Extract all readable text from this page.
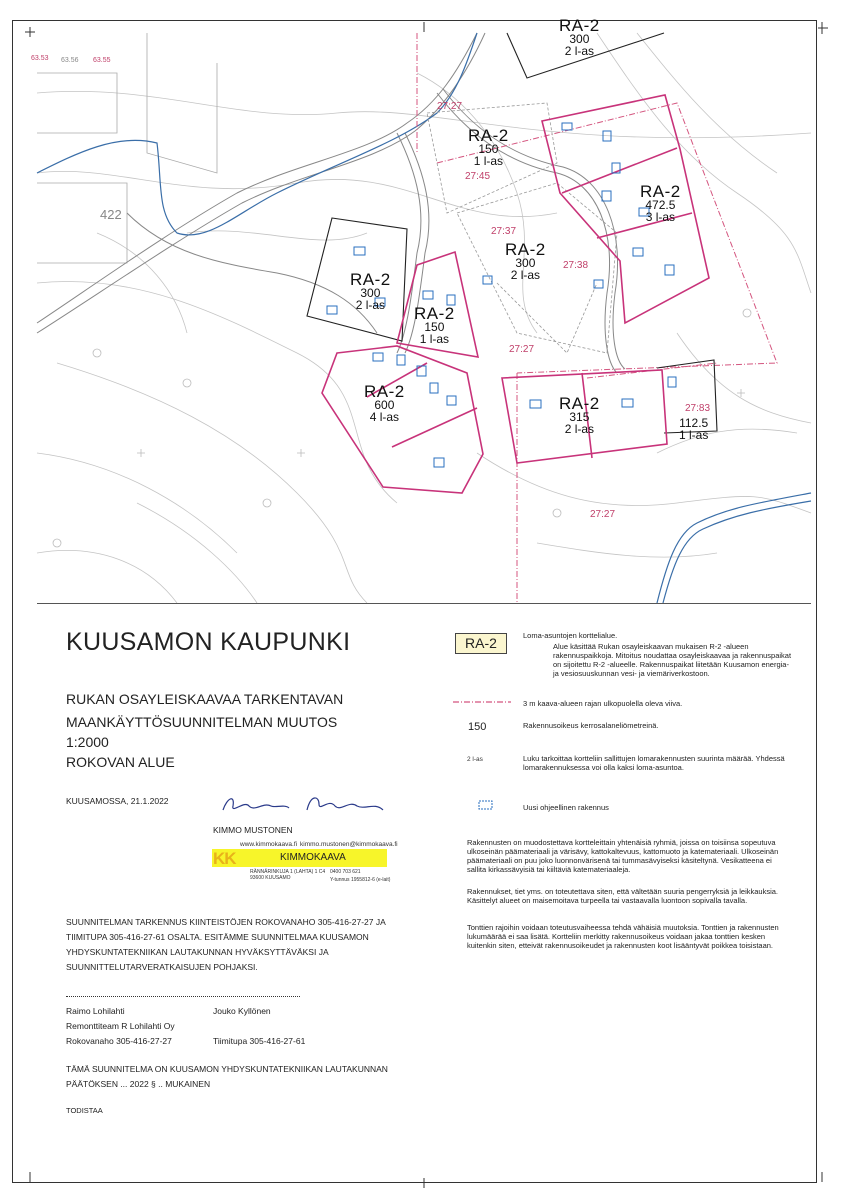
422
63.53 63.56 63.55
RA-2
300
2 l-as
RA-2
150
1 l-as
RA-2
472.5
3 l-as
RA-2
300
2 l-as
RA-2
300
2 l-as	RA-2
150
1 l-as
RA-2
600
4 l-as
RA-2
315
2 l-as	112.5
1 l-as
27:27
27:45
27:37
27:38
27:27
27:83
27:27
KUUSAMON KAUPUNKI
RUKAN OSAYLEISKAAVAA TARKENTAVAN
MAANKÄYTTÖSUUNNITELMAN MUUTOS
1:2000
ROKOVAN ALUE
KUUSAMOSSA, 21.1.2022
KIMMO MUSTONEN
www.kimmokaava.fi kimmo.mustonen@kimmokaava.fi
KK	KIMMOKAAVA
RÄNNÄRINKUJA 1 (LAHTA) 1 C4
93600 KUUSAMO
0400 703 621
Y-tunnus 1955812-6 (e-lait)
SUUNNITELMAN TARKENNUS KIINTEISTÖJEN ROKOVANAHO 305-416-27-27 JA
TIIMITUPA 305-416-27-61 OSALTA. ESITÄMME SUUNNITELMAA KUUSAMON
YHDYSKUNTATEKNIIKAN LAUTAKUNNAN HYVÄKSYTTÄVÄKSI JA
SUUNNITTELUTARVERATKAISUJEN POHJAKSI.
Raimo Lohilahti	Jouko Kyllönen
Remonttiteam R Lohilahti Oy
Rokovanaho 305-416-27-27	Tiimitupa 305-416-27-61
TÄMÄ SUUNNITELMA ON KUUSAMON YHDYSKUNTATEKNIIKAN LAUTAKUNNAN
PÄÄTÖKSEN ... 2022 § .. MUKAINEN
TODISTAA
RA-2	Loma-asuntojen korttelialue.
Alue käsittää Rukan osayleiskaavan mukaisen R-2 -alueen rakennuspaikkoja. Mitoitus noudattaa osayleiskaavaa ja rakennuspaikat on sijoitettu R-2 -alueelle. Rakennuspaikat liitetään Kuusamon energia- ja vesiosuuskunnan vesi- ja viemäriverkostoon.
3 m kaava-alueen rajan ulkopuolella oleva viiva.
150	Rakennusoikeus kerrosalaneliömetreinä.
2 l-as	Luku tarkoittaa kortteliin sallittujen lomarakennusten suurinta määrää. Yhdessä lomarakennuksessa voi olla kaksi loma-asuntoa.
Uusi ohjeellinen rakennus
Rakennusten on muodostettava kortteleittain yhtenäisiä ryhmiä, joissa on toisiinsa sopeutuva ulkoseinän päämateriaali ja värisävy, kattokaltevuus, kattomuoto ja katemateriaali. Ulkoseinän päämateriaali on puu joko luonnonvärisenä tai tummasävyiseksi käsiteltynä. Vesikatteena ei sallita kirkassävyisiä tai kiiltäviä katemateriaaleja.
Rakennukset, tiet yms. on toteutettava siten, että vältetään suuria pengerryksiä ja leikkauksia. Käsittelyt alueet on maisemoitava turpeella tai vastaavalla luontoon sopivalla tavalla.
Tonttien rajoihin voidaan toteutusvaiheessa tehdä vähäisiä muutoksia. Tonttien ja rakennusten lukumäärää ei saa lisätä. Kortteliin merkitty rakennusoikeus voidaan jakaa tonttien kesken kuitenkin siten, etteivät rakennusoikeudet ja rakennusten koot lisääntyvät poikkea toisistaan.
